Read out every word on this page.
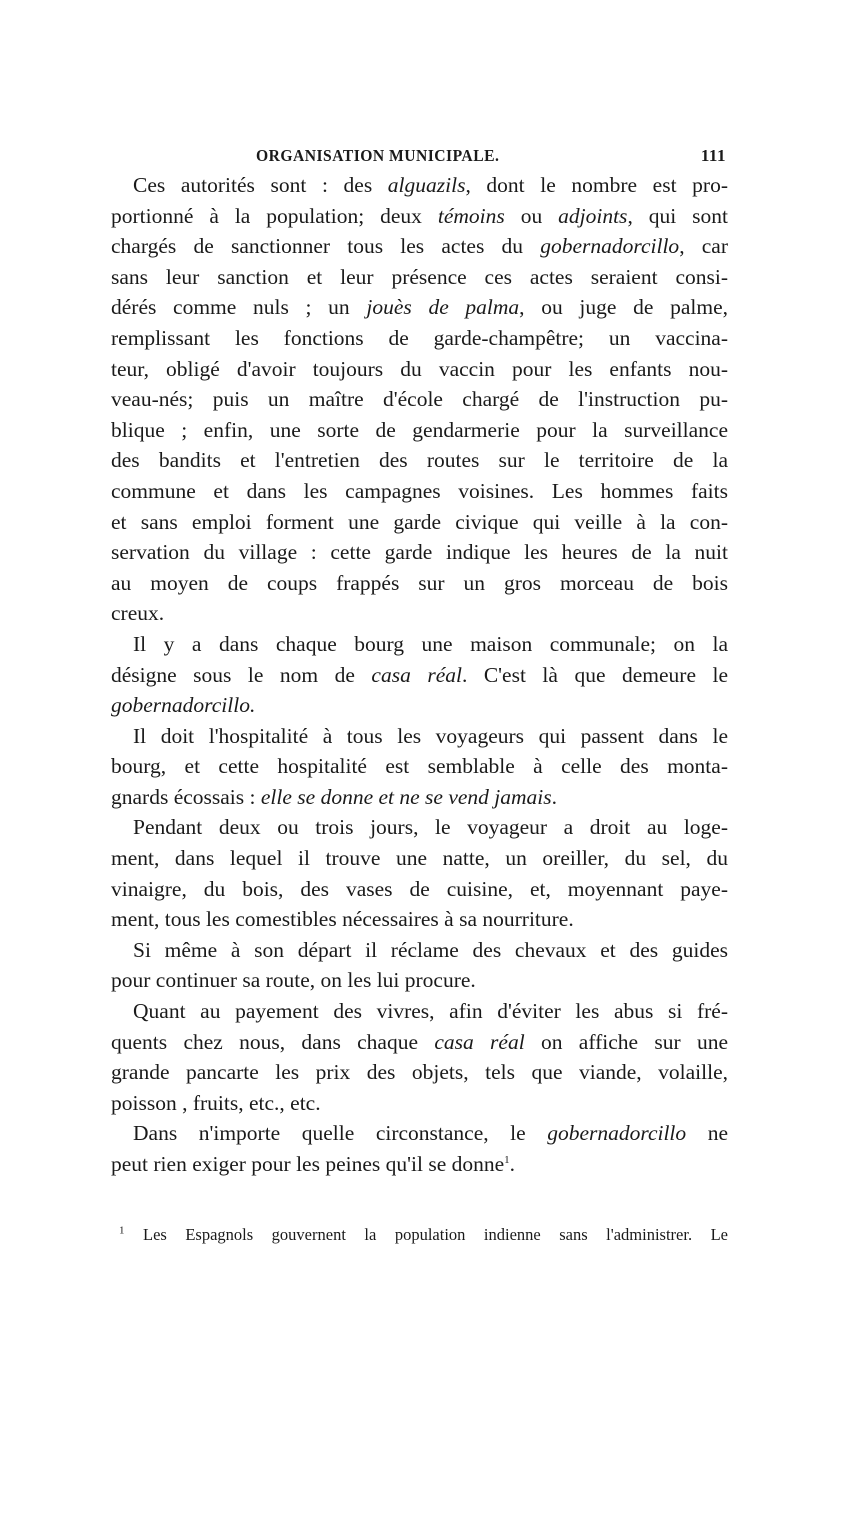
ORGANISATION MUNICIPALE.	111
Ces autorités sont : des alguazils, dont le nombre est pro-
portionné à la population; deux témoins ou adjoints, qui sont
chargés de sanctionner tous les actes du gobernadorcillo, car
sans leur sanction et leur présence ces actes seraient consi-
dérés comme nuls ; un jouès de palma, ou juge de palme,
remplissant les fonctions de garde-champêtre; un vaccina-
teur, obligé d'avoir toujours du vaccin pour les enfants nou-
veau-nés; puis un maître d'école chargé de l'instruction pu-
blique ; enfin, une sorte de gendarmerie pour la surveillance
des bandits et l'entretien des routes sur le territoire de la
commune et dans les campagnes voisines. Les hommes faits
et sans emploi forment une garde civique qui veille à la con-
servation du village : cette garde indique les heures de la nuit
au moyen de coups frappés sur un gros morceau de bois
creux.
Il y a dans chaque bourg une maison communale; on la
désigne sous le nom de casa réal. C'est là que demeure le
gobernadorcillo.
Il doit l'hospitalité à tous les voyageurs qui passent dans le
bourg, et cette hospitalité est semblable à celle des monta-
gnards écossais : elle se donne et ne se vend jamais.
Pendant deux ou trois jours, le voyageur a droit au loge-
ment, dans lequel il trouve une natte, un oreiller, du sel, du
vinaigre, du bois, des vases de cuisine, et, moyennant paye-
ment, tous les comestibles nécessaires à sa nourriture.
Si même à son départ il réclame des chevaux et des guides
pour continuer sa route, on les lui procure.
Quant au payement des vivres, afin d'éviter les abus si fré-
quents chez nous, dans chaque casa réal on affiche sur une
grande pancarte les prix des objets, tels que viande, volaille,
poisson , fruits, etc., etc.
Dans n'importe quelle circonstance, le gobernadorcillo ne
peut rien exiger pour les peines qu'il se donne$^1$.
$^1$ Les Espagnols gouvernent la population indienne sans l'administrer. Le
